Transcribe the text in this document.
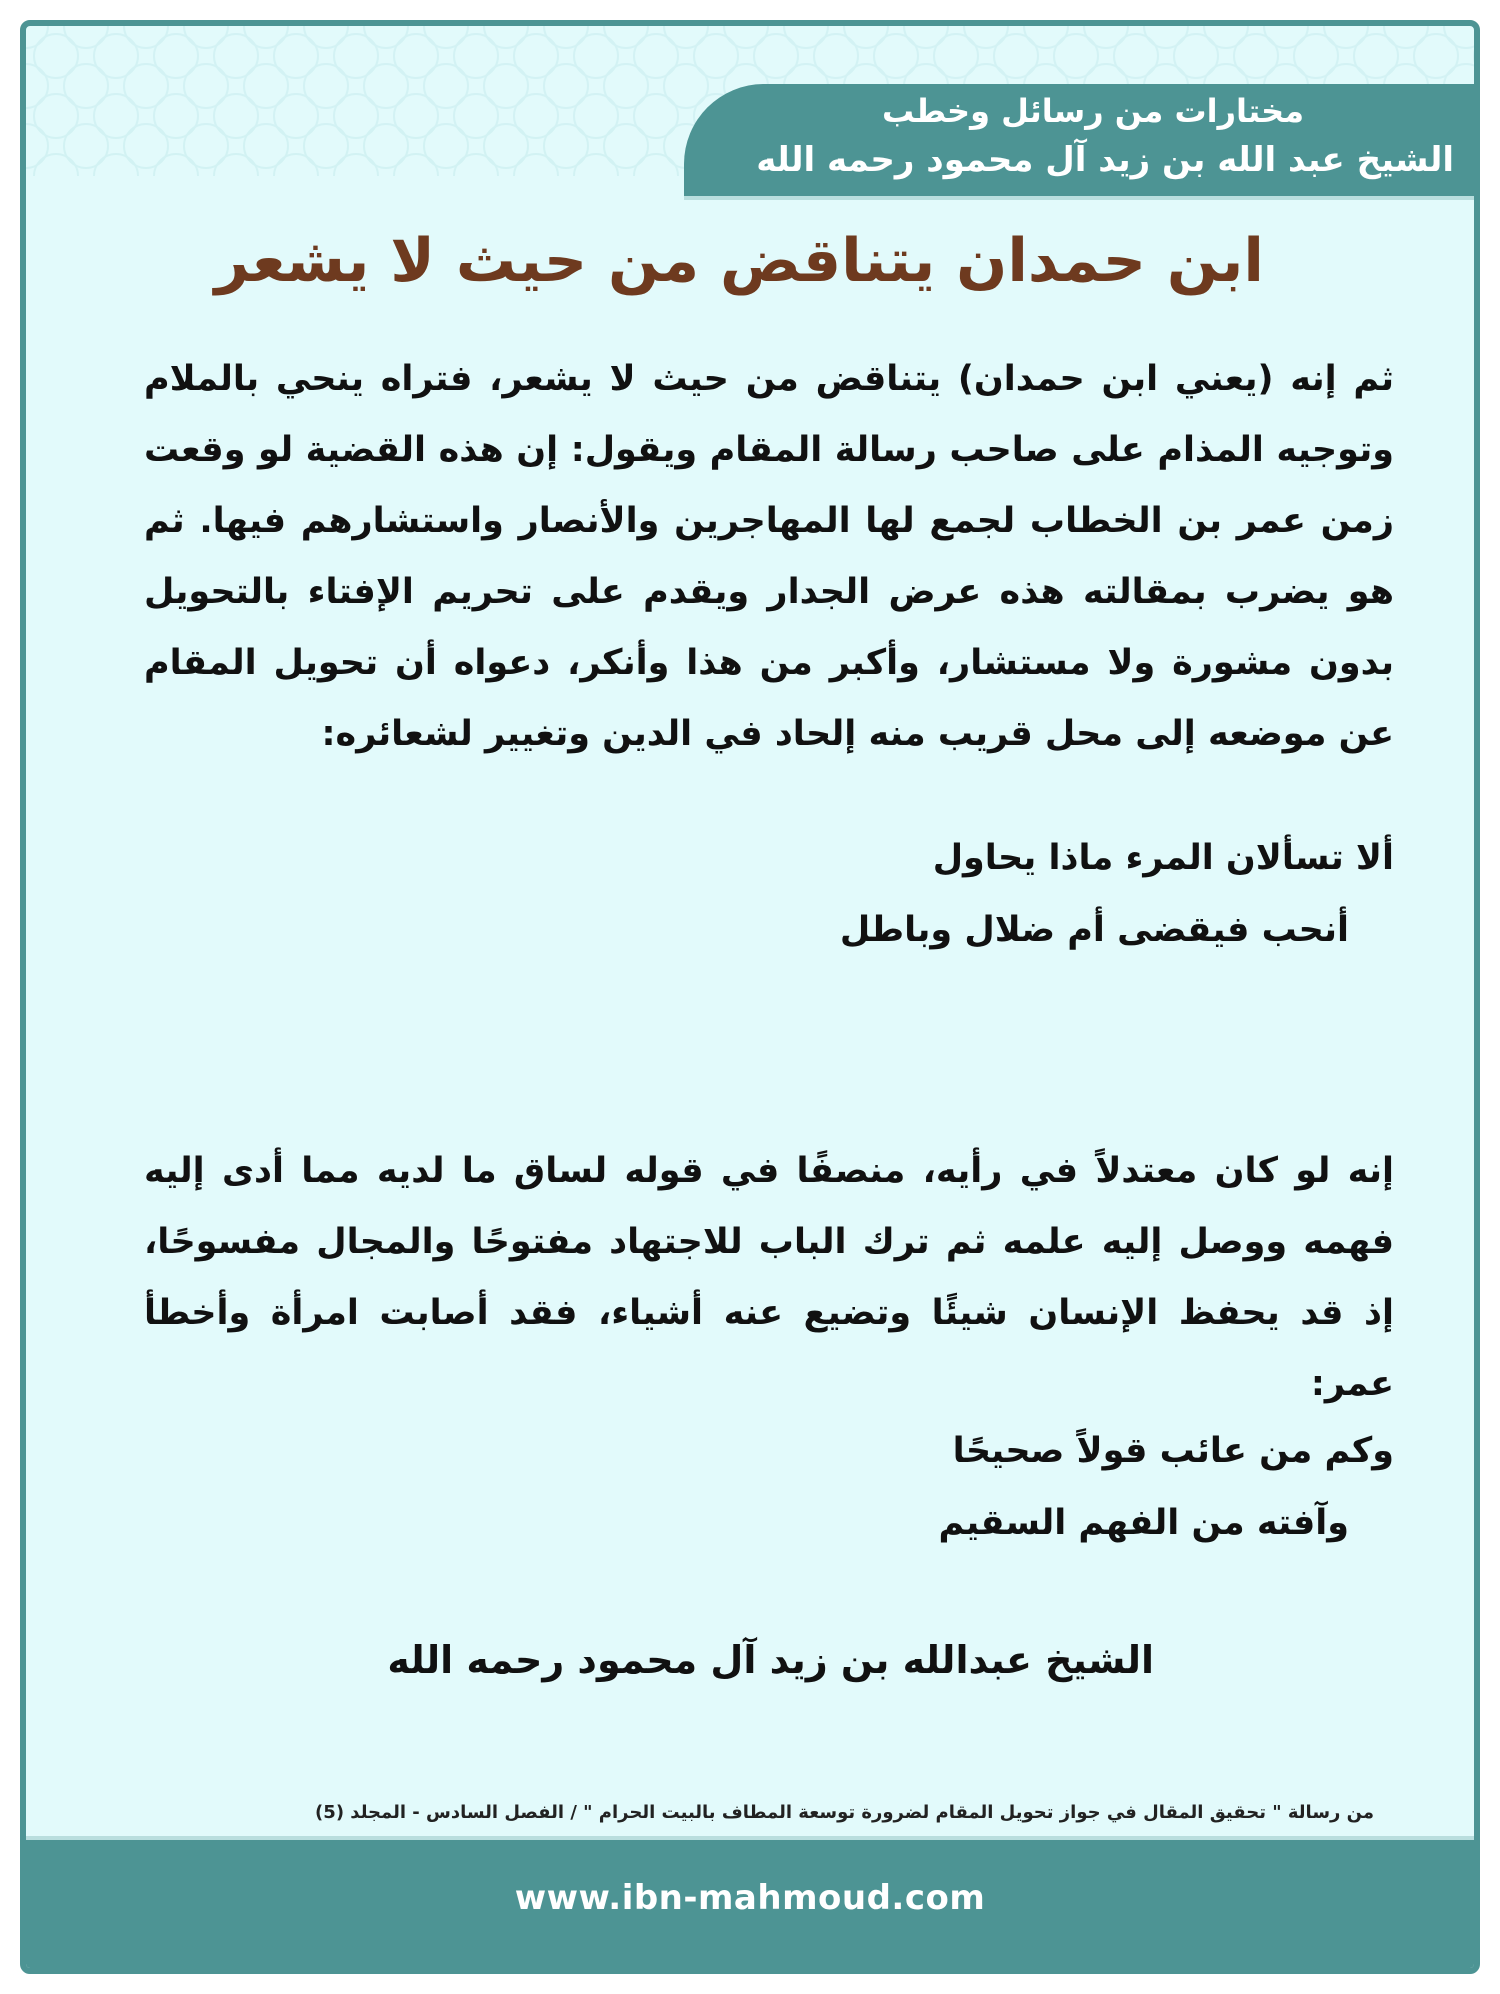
مختارات من رسائل وخطب
الشيخ عبد الله بن زيد آل محمود رحمه الله
ابن حمدان يتناقض من حيث لا يشعر
ثم إنه (يعني ابن حمدان) يتناقض من حيث لا يشعر، فتراه ينحي بالملام وتوجيه المذام على صاحب رسالة المقام ويقول: إن هذه القضية لو وقعت زمن عمر بن الخطاب لجمع لها المهاجرين والأنصار واستشارهم فيها. ثم هو يضرب بمقالته هذه عرض الجدار ويقدم على تحريم الإفتاء بالتحويل بدون مشورة ولا مستشار، وأكبر من هذا وأنكر، دعواه أن تحويل المقام عن موضعه إلى محل قريب منه إلحاد في الدين وتغيير لشعائره:
ألا تسألان المرء ماذا يحاول
أنحب فيقضى أم ضلال وباطل
إنه لو كان معتدلاً في رأيه، منصفًا في قوله لساق ما لديه مما أدى إليه فهمه ووصل إليه علمه ثم ترك الباب للاجتهاد مفتوحًا والمجال مفسوحًا، إذ قد يحفظ الإنسان شيئًا وتضيع عنه أشياء، فقد أصابت امرأة وأخطأ عمر:
وكم من عائب قولاً صحيحًا
وآفته من الفهم السقيم
الشيخ عبدالله بن زيد آل محمود رحمه الله
من رسالة " تحقيق المقال في جواز تحويل المقام لضرورة توسعة المطاف بالبيت الحرام " / الفصل السادس - المجلد (5)
www.ibn-mahmoud.com
